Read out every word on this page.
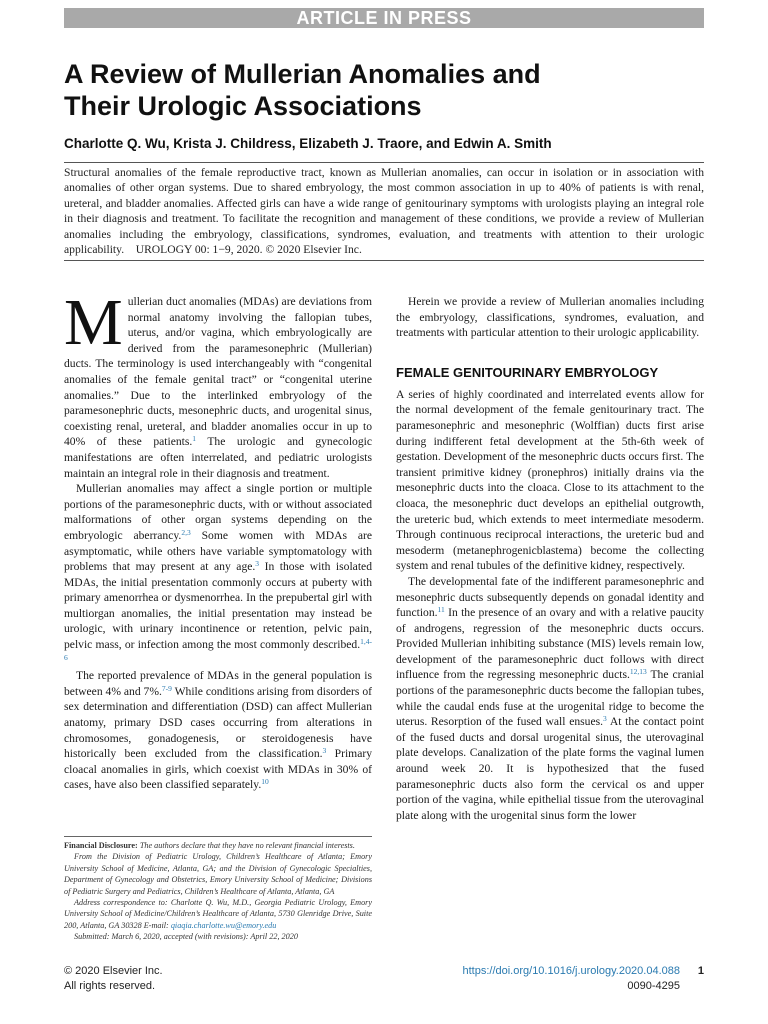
ARTICLE IN PRESS
A Review of Mullerian Anomalies and
Their Urologic Associations
Charlotte Q. Wu, Krista J. Childress, Elizabeth J. Traore, and Edwin A. Smith

Structural anomalies of the female reproductive tract, known as Mullerian anomalies, can occur in isolation or in association with anomalies of other organ systems. Due to shared embryology, the most common association in up to 40% of patients is with renal, ureteral, and bladder anomalies. Affected girls can have a wide range of genitourinary symptoms with urologists playing an integral role in their diagnosis and treatment. To facilitate the recognition and management of these conditions, we provide a review of Mullerian anomalies including the embryology, classifications, syndromes, evaluation, and treatments with attention to their urologic applicability. UROLOGY 00: 1−9, 2020. © 2020 Elsevier Inc.

Mullerian duct anomalies (MDAs) are deviations from normal anatomy involving the fallopian tubes, uterus, and/or vagina, which embryologically are derived from the paramesonephric (Mullerian) ducts. The terminology is used interchangeably with “congenital anomalies of the female genital tract” or “congenital uterine anomalies.” Due to the interlinked embryology of the paramesonephric ducts, mesonephric ducts, and urogenital sinus, coexisting renal, ureteral, and bladder anomalies occur in up to 40% of these patients.$^1$ The urologic and gynecologic manifestations are often interrelated, and pediatric urologists maintain an integral role in their diagnosis and treatment.

Mullerian anomalies may affect a single portion or multiple portions of the paramesonephric ducts, with or without associated malformations of other organ systems depending on the embryologic aberrancy.$^{2,3}$ Some women with MDAs are asymptomatic, while others have variable symptomatology with problems that may present at any age.$^3$ In those with isolated MDAs, the initial presentation commonly occurs at puberty with primary amenorrhea or dysmenorrhea. In the prepubertal girl with multiorgan anomalies, the initial presentation may instead be urologic, with urinary incontinence or retention, pelvic pain, pelvic mass, or infection among the most commonly described.$^{1,4-6}$

The reported prevalence of MDAs in the general population is between 4% and 7%.$^{7-9}$ While conditions arising from disorders of sex determination and differentiation (DSD) can affect Mullerian anatomy, primary DSD cases occurring from alterations in chromosomes, gonadogenesis, or steroidogenesis have historically been excluded from the classification.$^3$ Primary cloacal anomalies in girls, which coexist with MDAs in 30% of cases, have also been classified separately.$^{10}$

Herein we provide a review of Mullerian anomalies including the embryology, classifications, syndromes, evaluation, and treatments with particular attention to their urologic applicability.

FEMALE GENITOURINARY EMBRYOLOGY

A series of highly coordinated and interrelated events allow for the normal development of the female genitourinary tract. The paramesonephric and mesonephric (Wolffian) ducts first arise during indifferent fetal development at the 5th-6th week of gestation. Development of the mesonephric ducts occurs first. The transient primitive kidney (pronephros) initially drains via the mesonephric ducts into the cloaca. Close to its attachment to the cloaca, the mesonephric duct develops an epithelial outgrowth, the ureteric bud, which extends to meet intermediate mesoderm. Through continuous reciprocal interactions, the ureteric bud and mesoderm (metanephrogenicblastema) become the collecting system and renal tubules of the definitive kidney, respectively.

The developmental fate of the indifferent paramesonephric and mesonephric ducts subsequently depends on gonadal identity and function.$^{11}$ In the presence of an ovary and with a relative paucity of androgens, regression of the mesonephric ducts occurs. Provided Mullerian inhibiting substance (MIS) levels remain low, development of the paramesonephric duct follows with direct influence from the regressing mesonephric ducts.$^{12,13}$ The cranial portions of the paramesonephric ducts become the fallopian tubes, while the caudal ends fuse at the urogenital ridge to become the uterus. Resorption of the fused wall ensues.$^3$ At the contact point of the fused ducts and dorsal urogenital sinus, the uterovaginal plate develops. Canalization of the plate forms the vaginal lumen around week 20. It is hypothesized that the fused paramesonephric ducts also form the cervical os and upper portion of the vagina, while epithelial tissue from the uterovaginal plate along with the urogenital sinus form the lower

Financial Disclosure: The authors declare that they have no relevant financial interests.

From the Division of Pediatric Urology, Children’s Healthcare of Atlanta; Emory University School of Medicine, Atlanta, GA; and the Division of Gynecologic Specialties, Department of Gynecology and Obstetrics, Emory University School of Medicine; Divisions of Pediatric Surgery and Pediatrics, Children’s Healthcare of Atlanta, Atlanta, GA

Address correspondence to: Charlotte Q. Wu, M.D., Georgia Pediatric Urology, Emory University School of Medicine/Children’s Healthcare of Atlanta, 5730 Glenridge Drive, Suite 200, Atlanta, GA 30328 E-mail: qiaqia.charlotte.wu@emory.edu

Submitted: March 6, 2020, accepted (with revisions): April 22, 2020

© 2020 Elsevier Inc.
All rights reserved.
https://doi.org/10.1016/j.urology.2020.04.088
0090-4295
1
